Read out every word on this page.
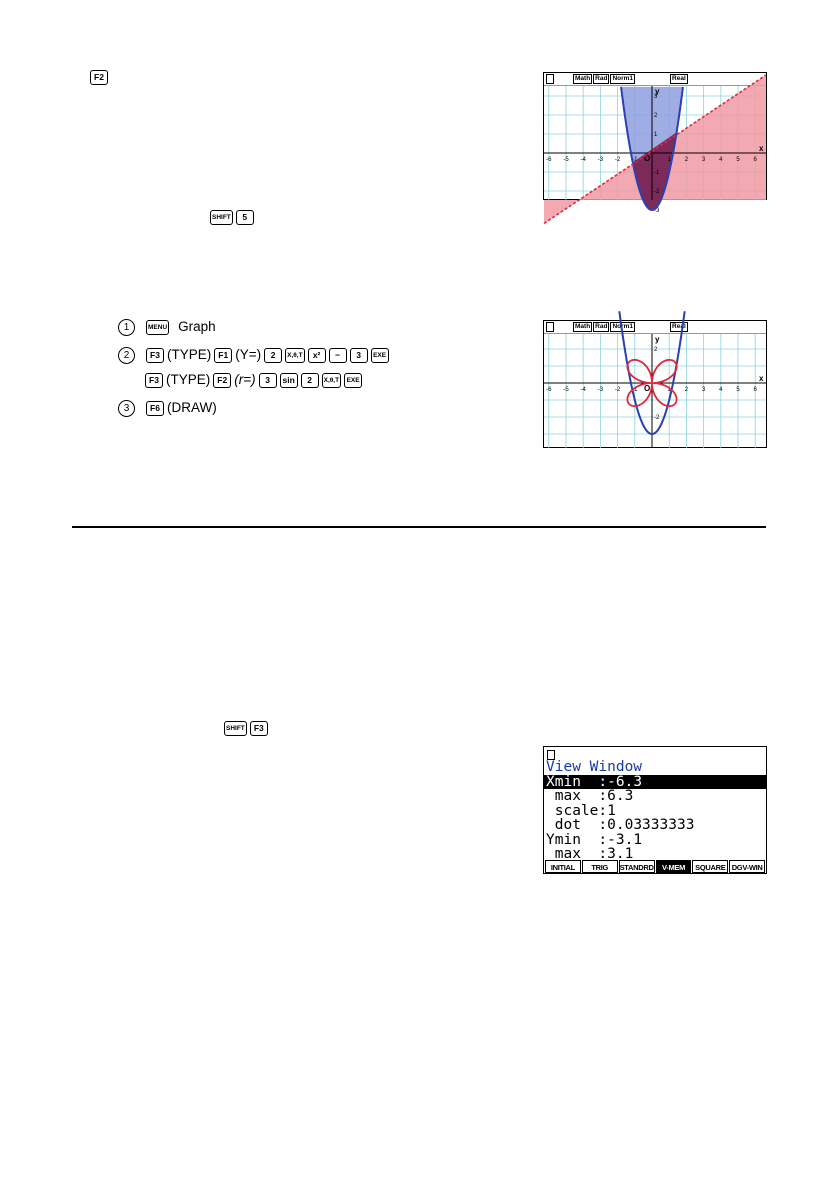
F2
SHIFT	5
1	MENU Graph
2	F3 (TYPE) F1 (Y=)	2	X,θ,T	x²	−	3	EXE
F3 (TYPE) F2 (r=)	3	sin	2	X,θ,T	EXE
3	F6 (DRAW)
SHIFT	F3
Math Rad Norm1	Real
-6 -5 -4 -3 -2 -1	1 2 3 4 5 6
3
2
1
-1
-2
-3
x
y
O
Math Rad Norm1	Real
-6 -5 -4 -3 -2 -1	1 2 3 4 5 6
2
-2
x
y
O
View Window
Xmin  :-6.3
max  :6.3
scale:1
dot  :0.03333333
Ymin  :-3.1
max  :3.1
INITIAL	TRIG	STANDRD	V-MEM	SQUARE DGV-WIN
